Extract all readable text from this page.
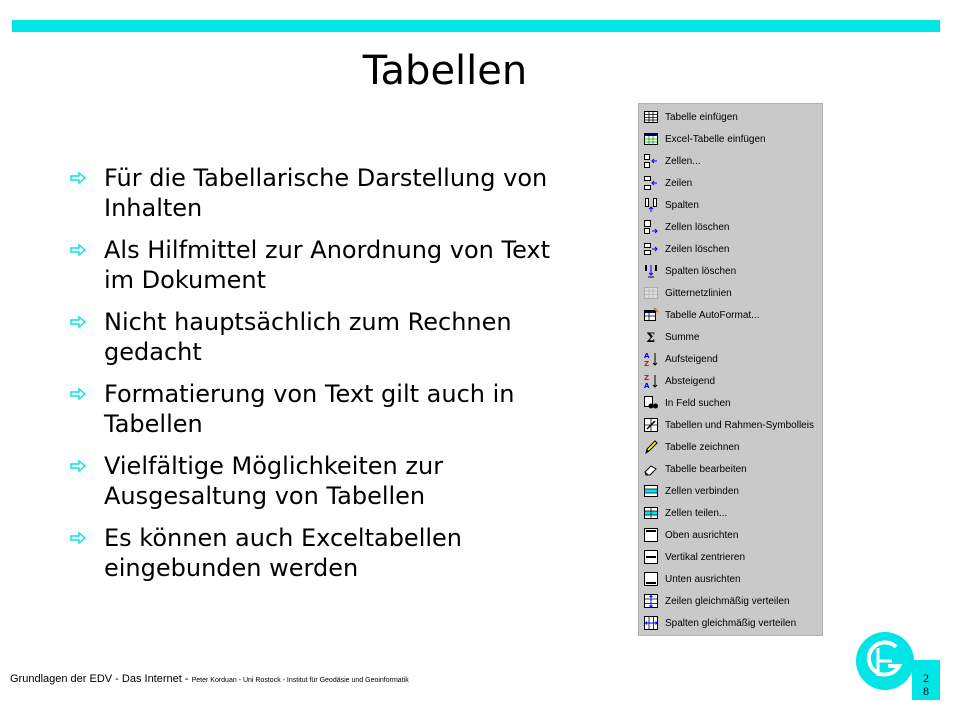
Tabellen
Für die Tabellarische Darstellung von Inhalten
Als Hilfmittel zur Anordnung von Text im Dokument
Nicht hauptsächlich zum Rechnen gedacht
Formatierung von Text gilt auch in Tabellen
Vielfältige Möglichkeiten zur Ausgesaltung von Tabellen
Es können auch Exceltabellen eingebunden werden
Tabelle einfügen
Excel-Tabelle einfügen
Zellen...
Zeilen
Spalten
Zellen löschen
Zeilen löschen
Spalten löschen
Gitternetzlinien
Tabelle AutoFormat...
Σ Summe
A
Z Aufsteigend
Z
A Absteigend
In Feld suchen
Tabellen und Rahmen-Symbolleis
Tabelle zeichnen
Tabelle bearbeiten
Zellen verbinden
Zellen teilen...
Oben ausrichten
Vertikal zentrieren
Unten ausrichten
Zeilen gleichmäßig verteilen
Spalten gleichmäßig verteilen
Grundlagen der EDV - Das Internet - Peter Korduan - Uni Rostock - Institut für Geodäsie und Geoinformatik	2
8
